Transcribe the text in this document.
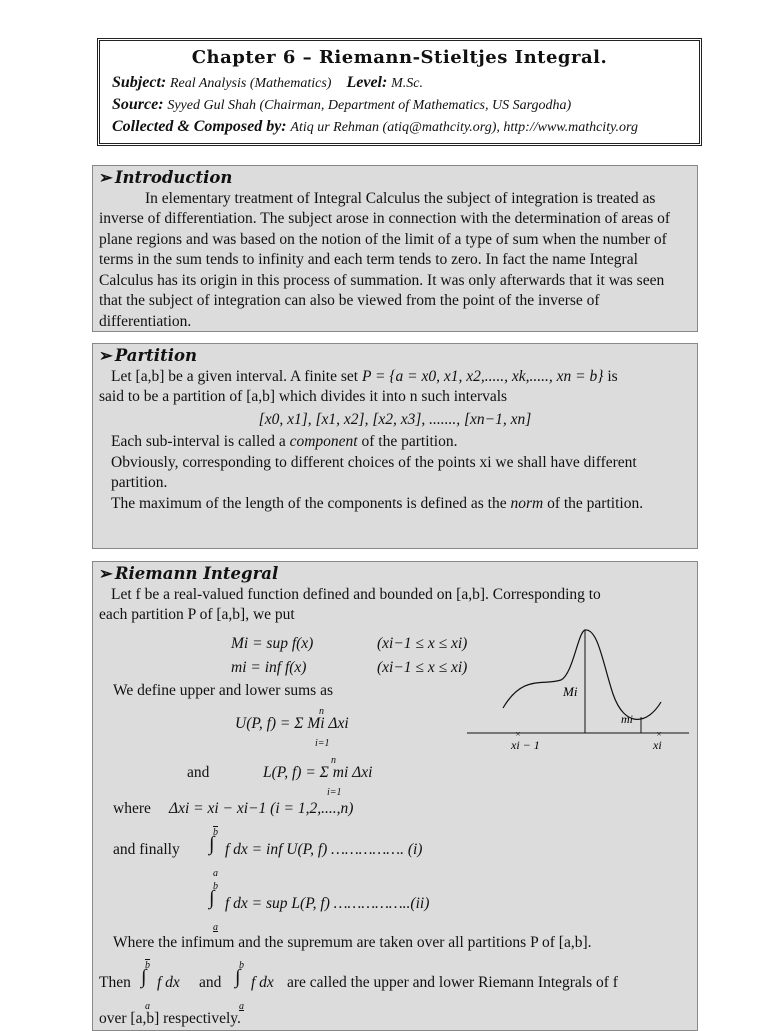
Chapter 6 – Riemann-Stieltjes Integral.
Subject: Real Analysis (Mathematics) Level: M.Sc.
Source: Syyed Gul Shah (Chairman, Department of Mathematics, US Sargodha)
Collected & Composed by: Atiq ur Rehman (atiq@mathcity.org), http://www.mathcity.org
➢ Introduction

In elementary treatment of Integral Calculus the subject of integration is treated as inverse of differentiation. The subject arose in connection with the determination of areas of plane regions and was based on the notion of the limit of a type of sum when the number of terms in the sum tends to infinity and each term tends to zero. In fact the name Integral Calculus has its origin in this process of summation. It was only afterwards that it was seen that the subject of integration can also be viewed from the point of the inverse of differentiation.

➢ Partition

Let [a,b] be a given interval. A finite set P = {a = x0, x1, x2,....., xk,....., xn = b} is

said to be a partition of [a,b] which divides it into n such intervals

[x0, x1], [x1, x2], [x2, x3], ......., [xn−1, xn]

Each sub-interval is called a component of the partition.

Obviously, corresponding to different choices of the points xi we shall have different partition.

The maximum of the length of the components is defined as the norm of the partition.

➢ Riemann Integral

Let f be a real-valued function defined and bounded on [a,b]. Corresponding to

each partition P of [a,b], we put

Mi = sup f(x)	(xi−1 ≤ x ≤ xi)
mi = inf f(x)	(xi−1 ≤ x ≤ xi)
We define upper and lower sums as
U(P, f) = Σ Mi Δxi
n
i=1
and	L(P, f) = Σ mi Δxi
n
i=1
where Δxi = xi − xi−1 (i = 1,2,....,n)
and finally ∫
$\overline{b}$
a
f dx = inf U(P, f) ……………. (i)
∫
b
a
f dx = sup L(P, f) ……………..(ii)
Where the infimum and the supremum are taken over all partitions P of [a,b].
Then ∫
$\overline{b}$
a
f dx and ∫
b
a
f dx are called the upper and lower Riemann Integrals of f
over [a,b] respectively.
×	×
Mi
mi
xi − 1	xi
